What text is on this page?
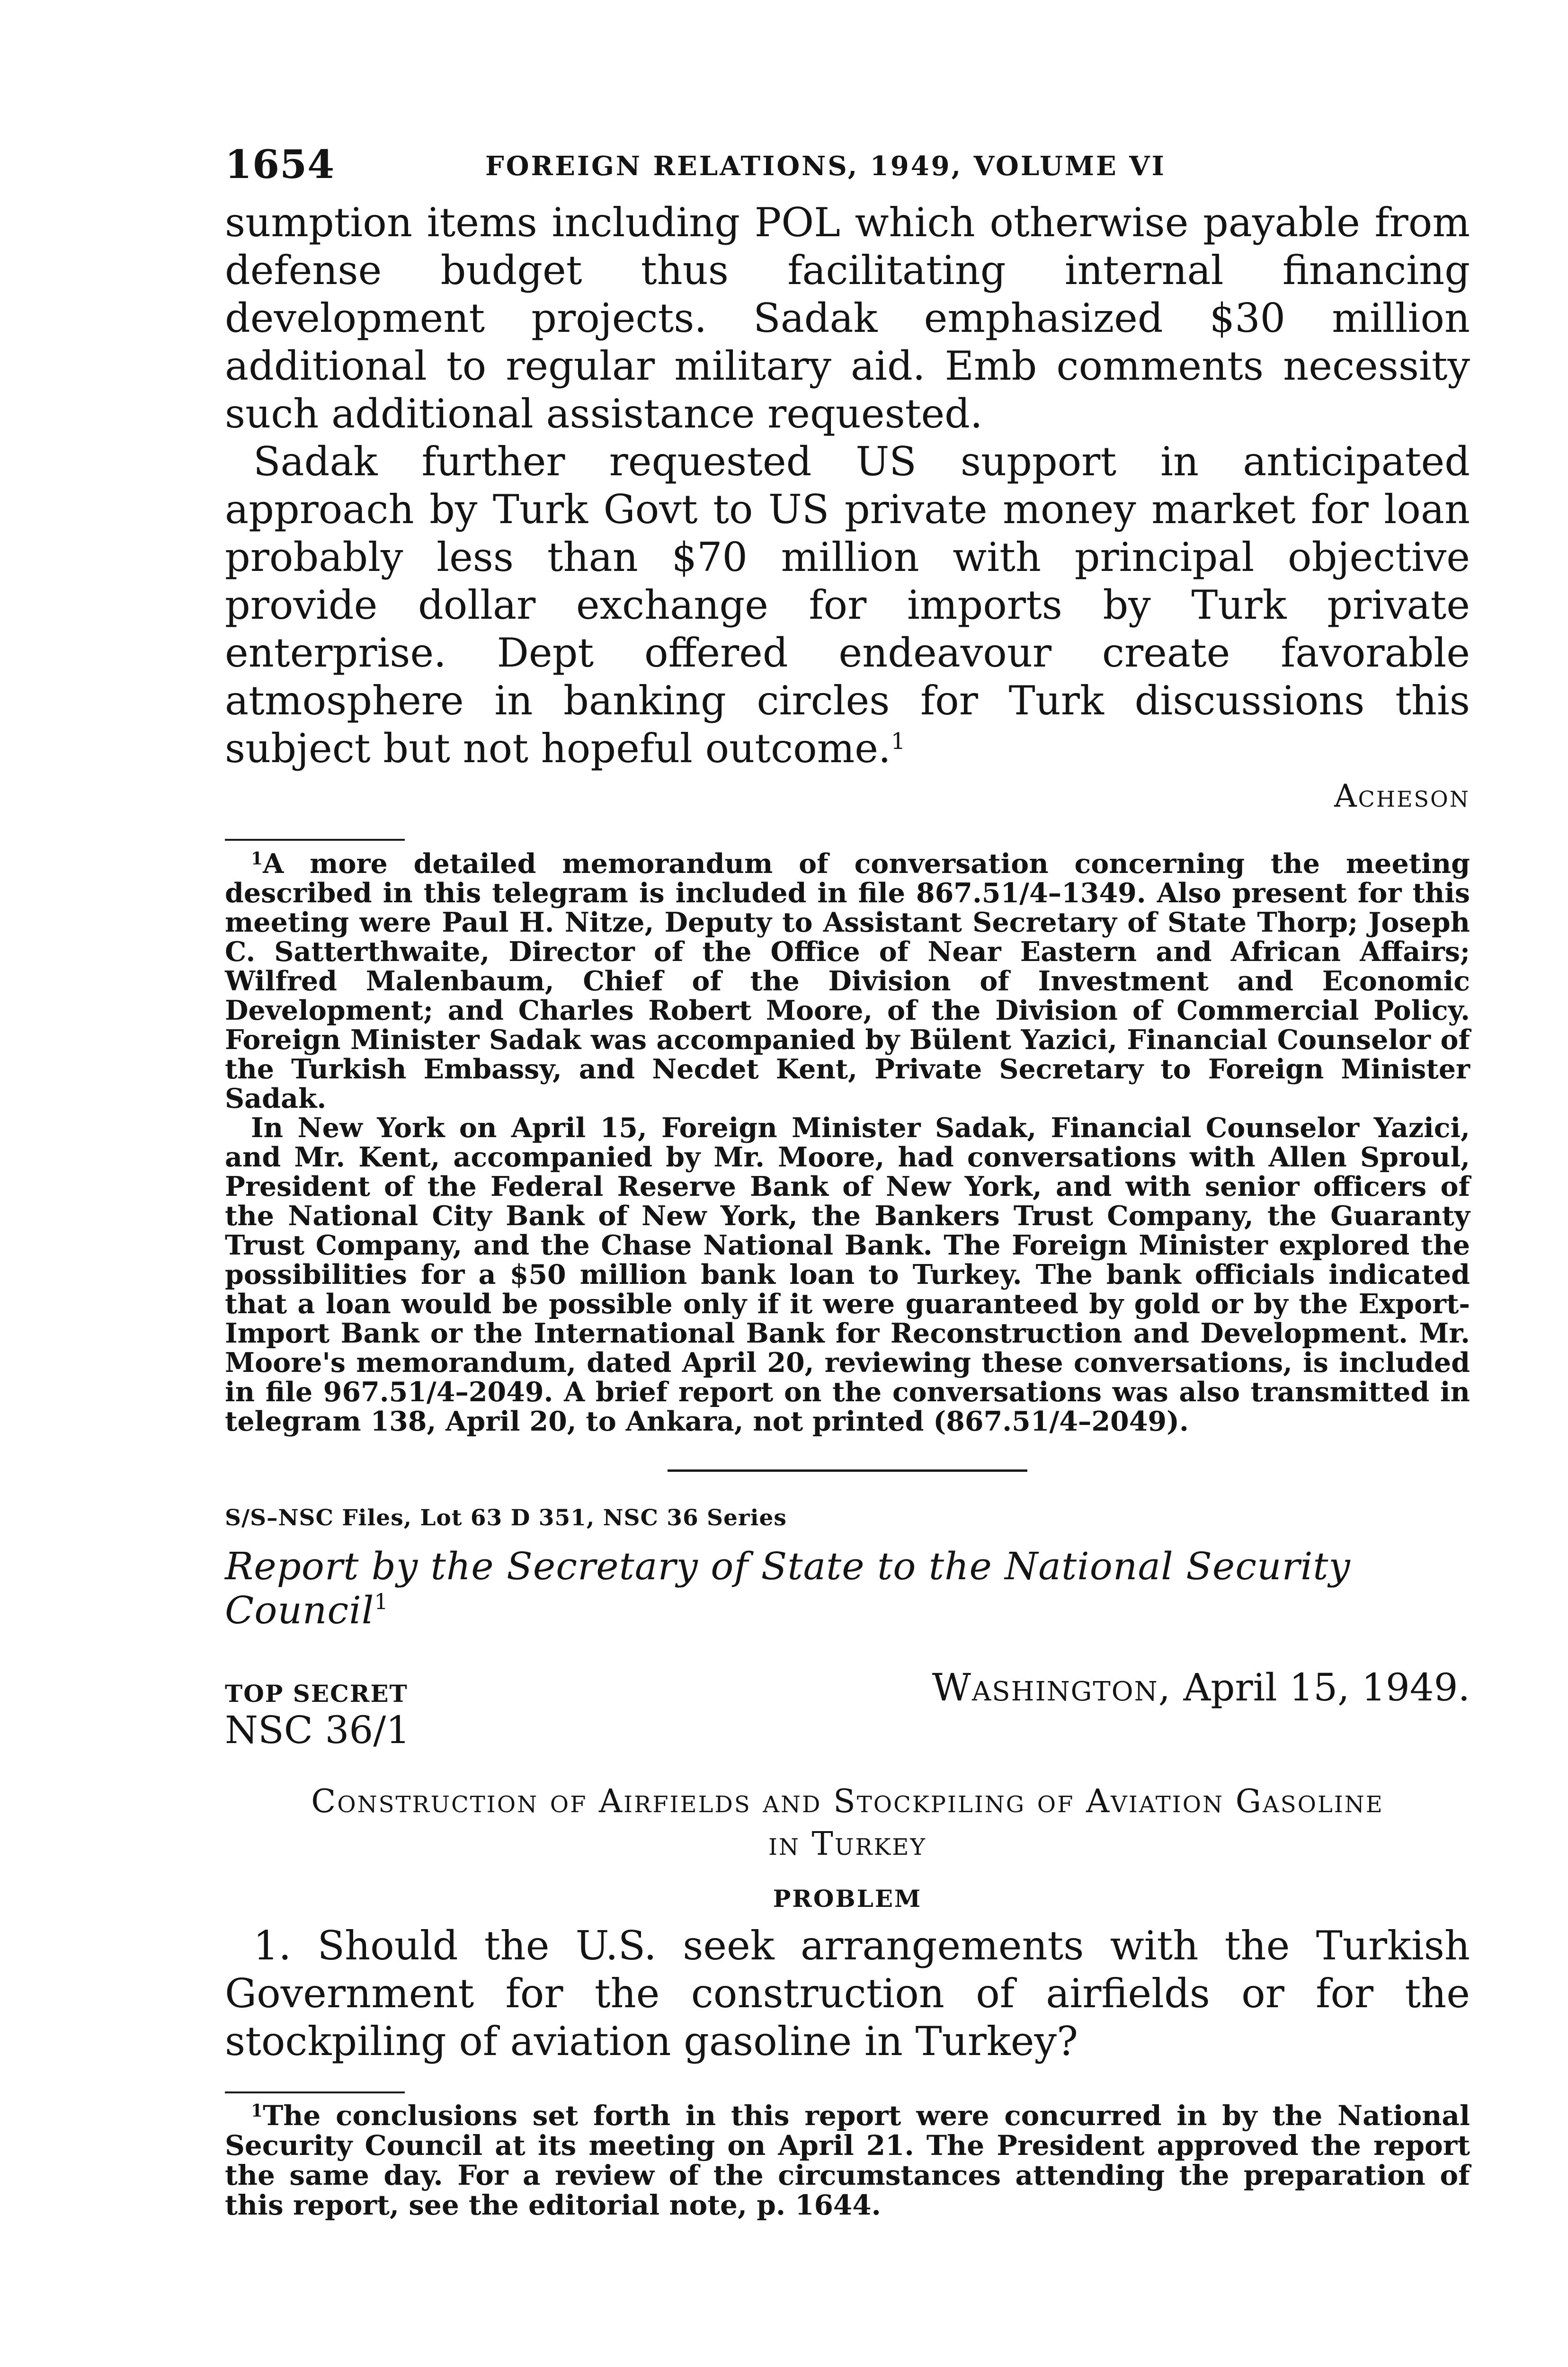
1654	FOREIGN RELATIONS, 1949, VOLUME VI

sumption items including POL which otherwise payable from defense budget thus facilitating internal financing development projects. Sadak emphasized $30 million additional to regular military aid. Emb comments necessity such additional assistance requested.

Sadak further requested US support in anticipated approach by Turk Govt to US private money market for loan probably less than $70 million with principal objective provide dollar exchange for imports by Turk private enterprise. Dept offered endeavour create favorable atmosphere in banking circles for Turk discussions this subject but not hopeful outcome.$^1$

Acheson

$^1$A more detailed memorandum of conversation concerning the meeting described in this telegram is included in file 867.51/4–1349. Also present for this meeting were Paul H. Nitze, Deputy to Assistant Secretary of State Thorp; Joseph C. Satterthwaite, Director of the Office of Near Eastern and African Affairs; Wilfred Malenbaum, Chief of the Division of Investment and Economic Development; and Charles Robert Moore, of the Division of Commercial Policy. Foreign Minister Sadak was accompanied by Bülent Yazici, Financial Counselor of the Turkish Embassy, and Necdet Kent, Private Secretary to Foreign Minister Sadak.

In New York on April 15, Foreign Minister Sadak, Financial Counselor Yazici, and Mr. Kent, accompanied by Mr. Moore, had conversations with Allen Sproul, President of the Federal Reserve Bank of New York, and with senior officers of the National City Bank of New York, the Bankers Trust Company, the Guaranty Trust Company, and the Chase National Bank. The Foreign Minister explored the possibilities for a $50 million bank loan to Turkey. The bank officials indicated that a loan would be possible only if it were guaranteed by gold or by the Export-Import Bank or the International Bank for Reconstruction and Development. Mr. Moore's memorandum, dated April 20, reviewing these conversations, is included in file 967.51/4–2049. A brief report on the conversations was also transmitted in telegram 138, April 20, to Ankara, not printed (867.51/4–2049).

S/S–NSC Files, Lot 63 D 351, NSC 36 Series

Report by the Secretary of State to the National Security Council$^1$

TOP SECRET	Washington, April 15, 1949.

NSC 36/1

Construction of Airfields and Stockpiling of Aviation Gasoline

in Turkey

PROBLEM

1. Should the U.S. seek arrangements with the Turkish Government for the construction of airfields or for the stockpiling of aviation gasoline in Turkey?

$^1$The conclusions set forth in this report were concurred in by the National Security Council at its meeting on April 21. The President approved the report the same day. For a review of the circumstances attending the preparation of this report, see the editorial note, p. 1644.
